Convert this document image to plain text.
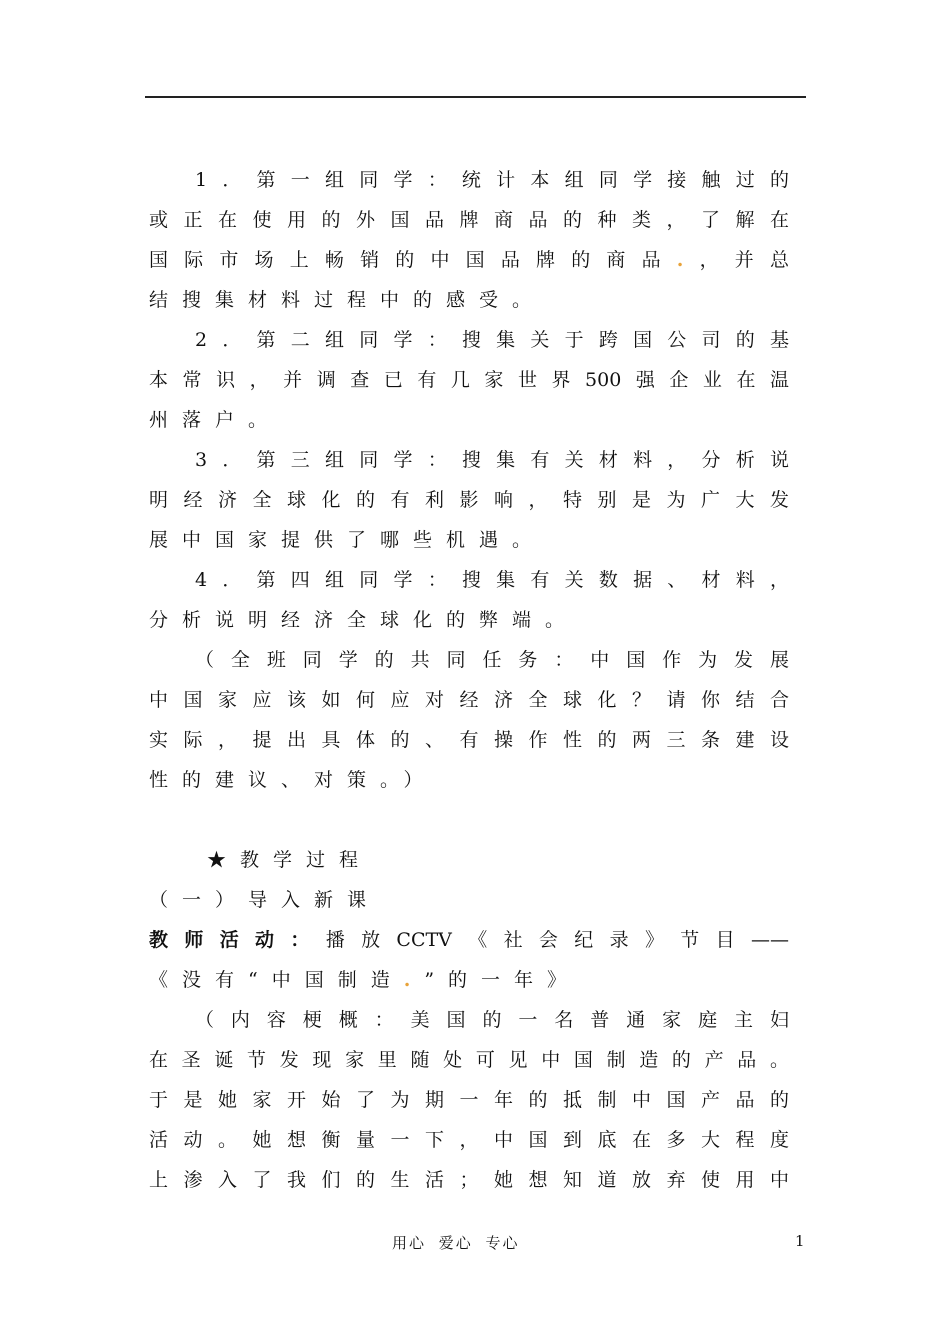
1．第一组同学：统计本组同学接触过的
或正在使用的外国品牌商品的种类，了解在
国际市场上畅销的中国品牌的商品.，并总
结搜集材料过程中的感受。
2．第二组同学：搜集关于跨国公司的基
本常识，并调查已有几家世界500强企业在温
州落户。
3．第三组同学：搜集有关材料，分析说
明经济全球化的有利影响，特别是为广大发
展中国家提供了哪些机遇。
4．第四组同学：搜集有关数据、材料，
分析说明经济全球化的弊端。
（全班同学的共同任务：中国作为发展
中国家应该如何应对经济全球化？请你结合
实际，提出具体的、有操作性的两三条建设
性的建议、对策。）
★教学过程
（一）导入新课
教师活动：播放CCTV《社会纪录》节目——
《没有“中国制造.”的一年》
（内容梗概：美国的一名普通家庭主妇
在圣诞节发现家里随处可见中国制造的产品。
于是她家开始了为期一年的抵制中国产品的
活动。她想衡量一下，中国到底在多大程度
上渗入了我们的生活；她想知道放弃使用中
用心 爱心 专心	1
